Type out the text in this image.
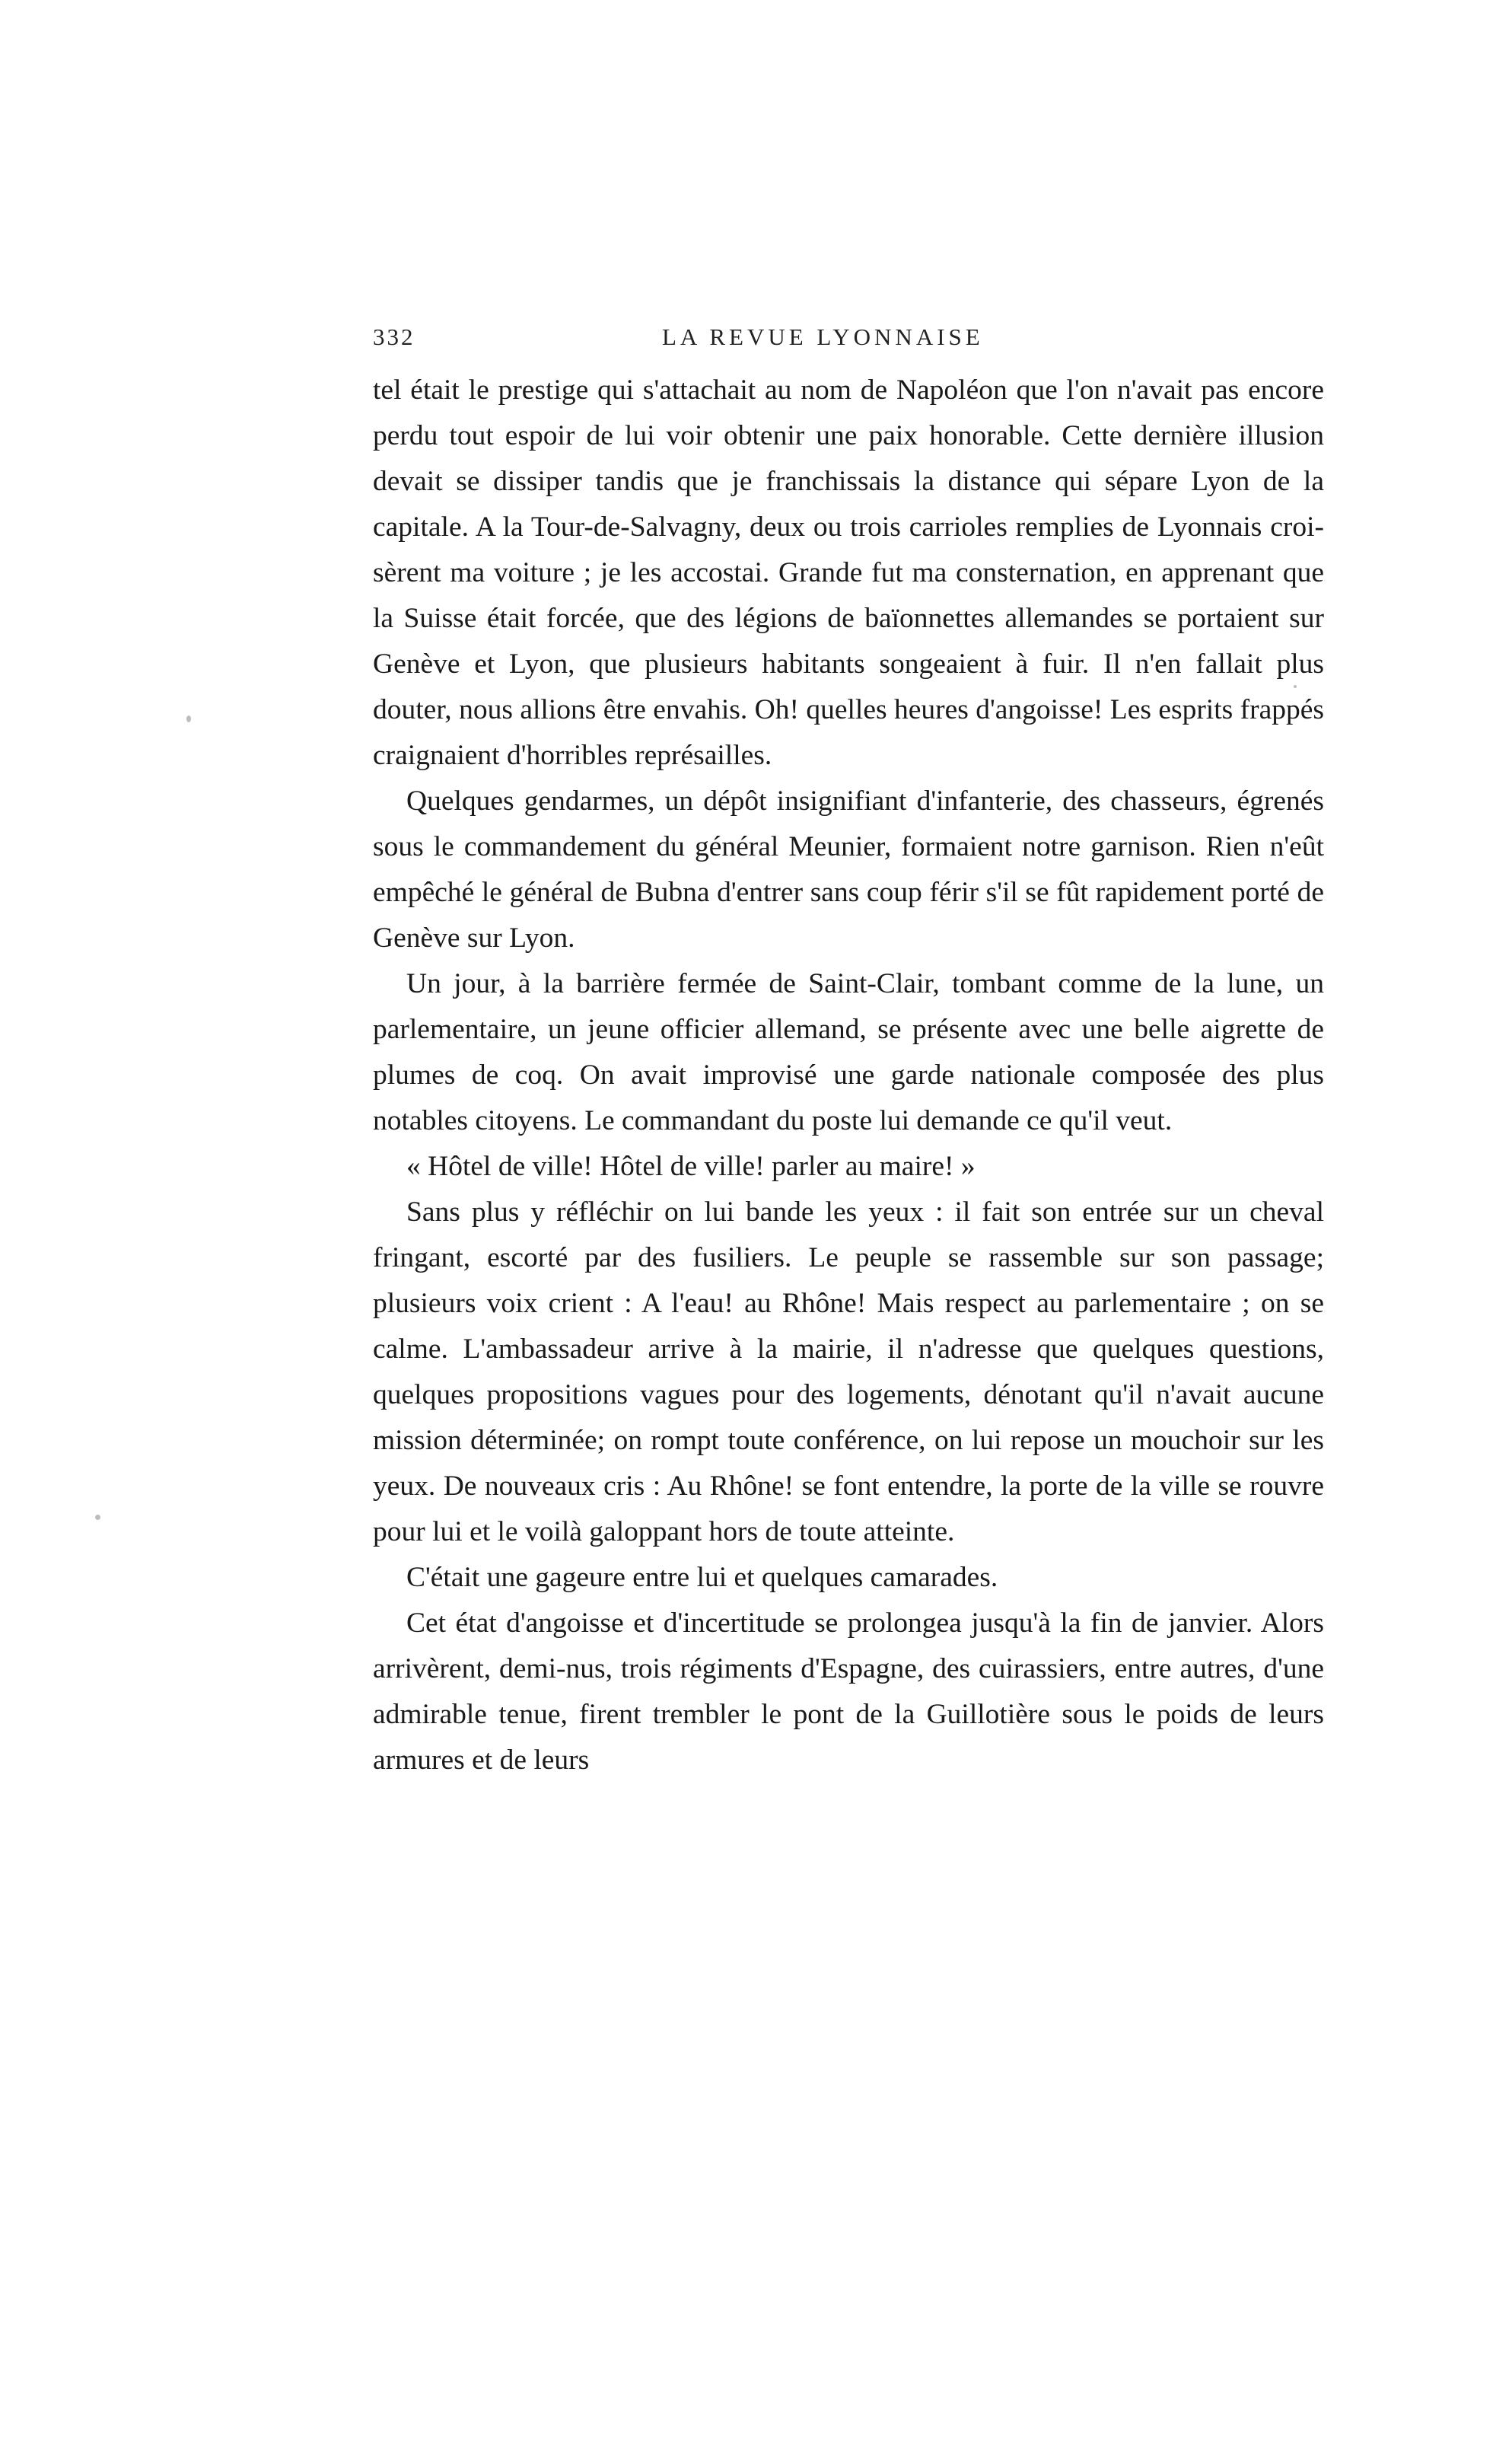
332	LA REVUE LYONNAISE

tel était le prestige qui s'attachait au nom de Napoléon que l'on n'avait pas encore perdu tout espoir de lui voir obtenir une paix honorable. Cette dernière illusion devait se dissiper tandis que je franchissais la distance qui sépare Lyon de la capitale. A la Tour-de-Salvagny, deux ou trois carrioles remplies de Lyonnais croisèrent ma voiture ; je les accostai. Grande fut ma consternation, en apprenant que la Suisse était forcée, que des légions de baïonnettes allemandes se portaient sur Genève et Lyon, que plusieurs habitants songeaient à fuir. Il n'en fallait plus douter, nous allions être envahis. Oh! quelles heures d'angoisse! Les esprits frappés craignaient d'horribles représailles.

Quelques gendarmes, un dépôt insignifiant d'infanterie, des chasseurs, égrenés sous le commandement du général Meunier, formaient notre garnison. Rien n'eût empêché le général de Bubna d'entrer sans coup férir s'il se fût rapidement porté de Genève sur Lyon.

Un jour, à la barrière fermée de Saint-Clair, tombant comme de la lune, un parlementaire, un jeune officier allemand, se présente avec une belle aigrette de plumes de coq. On avait improvisé une garde nationale composée des plus notables citoyens. Le commandant du poste lui demande ce qu'il veut.

« Hôtel de ville! Hôtel de ville! parler au maire! »

Sans plus y réfléchir on lui bande les yeux : il fait son entrée sur un cheval fringant, escorté par des fusiliers. Le peuple se rassemble sur son passage; plusieurs voix crient : A l'eau! au Rhône! Mais respect au parlementaire ; on se calme. L'ambassadeur arrive à la mairie, il n'adresse que quelques questions, quelques propositions vagues pour des logements, dénotant qu'il n'avait aucune mission déterminée; on rompt toute conférence, on lui repose un mouchoir sur les yeux. De nouveaux cris : Au Rhône! se font entendre, la porte de la ville se rouvre pour lui et le voilà galoppant hors de toute atteinte.

C'était une gageure entre lui et quelques camarades.

Cet état d'angoisse et d'incertitude se prolongea jusqu'à la fin de janvier. Alors arrivèrent, demi-nus, trois régiments d'Espagne, des cuirassiers, entre autres, d'une admirable tenue, firent trembler le pont de la Guillotière sous le poids de leurs armures et de leurs
